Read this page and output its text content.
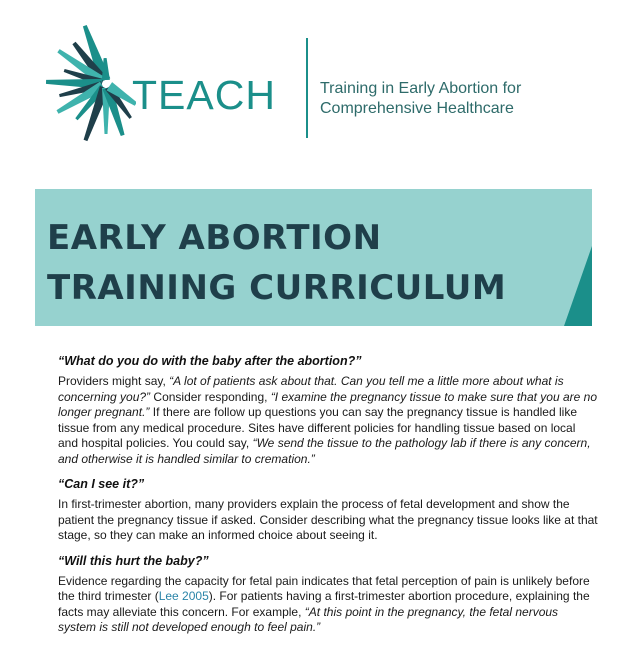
TEACH	Training in Early Abortion for
Comprehensive Healthcare
EARLY ABORTION
TRAINING CURRICULUM

“What do you do with the baby after the abortion?”

Providers might say, “A lot of patients ask about that. Can you tell me a little more about what is concerning you?” Consider responding, “I examine the pregnancy tissue to make sure that you are no longer pregnant.” If there are follow up questions you can say the pregnancy tissue is handled like tissue from any medical procedure. Sites have different policies for handling tissue based on local and hospital policies. You could say, “We send the tissue to the pathology lab if there is any concern, and otherwise it is handled similar to cremation.”

“Can I see it?”

In first-trimester abortion, many providers explain the process of fetal development and show the patient the pregnancy tissue if asked. Consider describing what the pregnancy tissue looks like at that stage, so they can make an informed choice about seeing it.

“Will this hurt the baby?”

Evidence regarding the capacity for fetal pain indicates that fetal perception of pain is unlikely before the third trimester (Lee 2005). For patients having a first-trimester abortion procedure, explaining the facts may alleviate this concern. For example, “At this point in the pregnancy, the fetal nervous system is still not developed enough to feel pain.”
